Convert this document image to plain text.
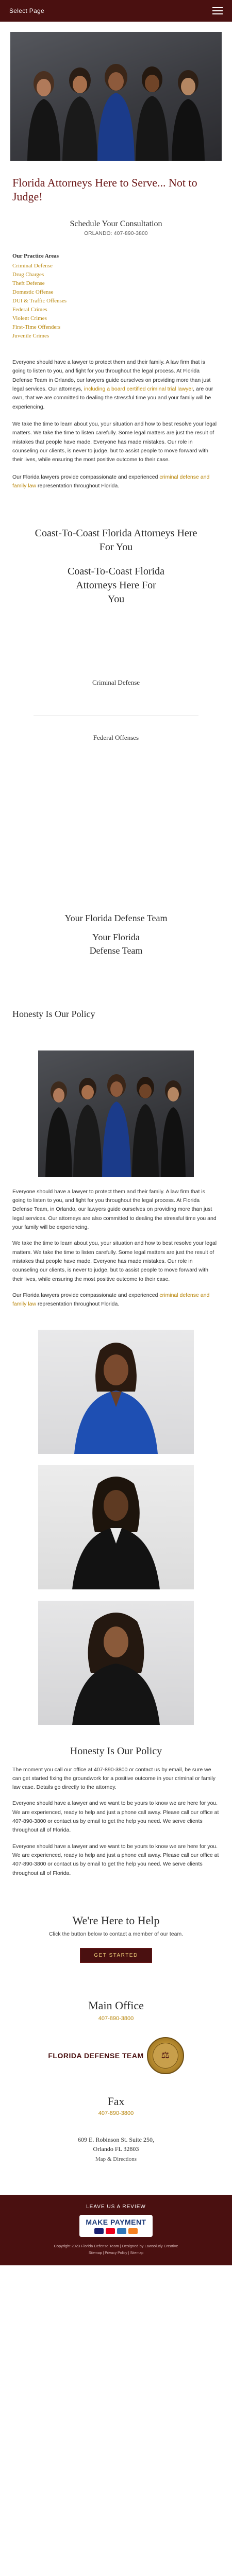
Select Page
Florida Attorneys Here to Serve... Not to Judge!
Schedule Your Consultation
ORLANDO: 407-890-3800
Our Practice Areas
Criminal Defense
Drug Charges
Theft Defense
Domestic Offense
DUI & Traffic Offenses
Federal Crimes
Violent Crimes
First-Time Offenders
Juvenile Crimes

Everyone should have a lawyer to protect them and their family. A law firm that is going to listen to you, and fight for you throughout the legal process. At Florida Defense Team in Orlando, our lawyers guide ourselves on providing more than just legal services. Our attorneys, including a board certified criminal trial lawyer, are our own, that we are committed to dealing the stressful time you and your family will be experiencing.

We take the time to learn about you, your situation and how to best resolve your legal matters. We take the time to listen carefully. Some legal matters are just the result of mistakes that people have made. Everyone has made mistakes. Our role in counseling our clients, is never to judge, but to assist people to move forward with their lives, while ensuring the most positive outcome to their case.

Our Florida lawyers provide compassionate and experienced criminal defense and family law representation throughout Florida.

Coast-To-Coast Florida Attorneys Here For You
Coast-To-Coast Florida Attorneys Here For You
Criminal Defense
Federal Offenses
Your Florida Defense Team
Your Florida
Defense Team
Honesty Is Our Policy

Everyone should have a lawyer to protect them and their family. A law firm that is going to listen to you, and fight for you throughout the legal process. At Florida Defense Team, in Orlando, our lawyers guide ourselves on providing more than just legal services. Our attorneys are also committed to dealing the stressful time you and your family will be experiencing.

We take the time to learn about you, your situation and how to best resolve your legal matters. We take the time to listen carefully. Some legal matters are just the result of mistakes that people have made. Everyone has made mistakes. Our role in counseling our clients, is never to judge, but to assist people to move forward with their lives, while ensuring the most positive outcome to their case.

Our Florida lawyers provide compassionate and experienced criminal defense and family law representation throughout Florida.

Honesty Is Our Policy

The moment you call our office at 407-890-3800 or contact us by email, be sure we can get started fixing the groundwork for a positive outcome in your criminal or family law case. Details go directly to the attorney.

Everyone should have a lawyer and we want to be yours to know we are here for you. We are experienced, ready to help and just a phone call away. Please call our office at 407-890-3800 or contact us by email to get the help you need. We serve clients throughout all of Florida.

Everyone should have a lawyer and we want to be yours to know we are here for you. We are experienced, ready to help and just a phone call away. Please call our office at 407-890-3800 or contact us by email to get the help you need. We serve clients throughout all of Florida.

We're Here to Help

Click the button below to contact a member of our team.

GET STARTED
Main Office
407-890-3800
FLORIDA DEFENSE TEAM	⚖
Fax
407-890-3800
609 E. Robinson St. Suite 250,
Orlando FL 32803
Map & Directions
LEAVE US A REVIEW
MAKE PAYMENT
Copyright 2023 Florida Defense Team | Designed by Lawsolutly Creative
Sitemap | Privacy Policy | Sitemap
